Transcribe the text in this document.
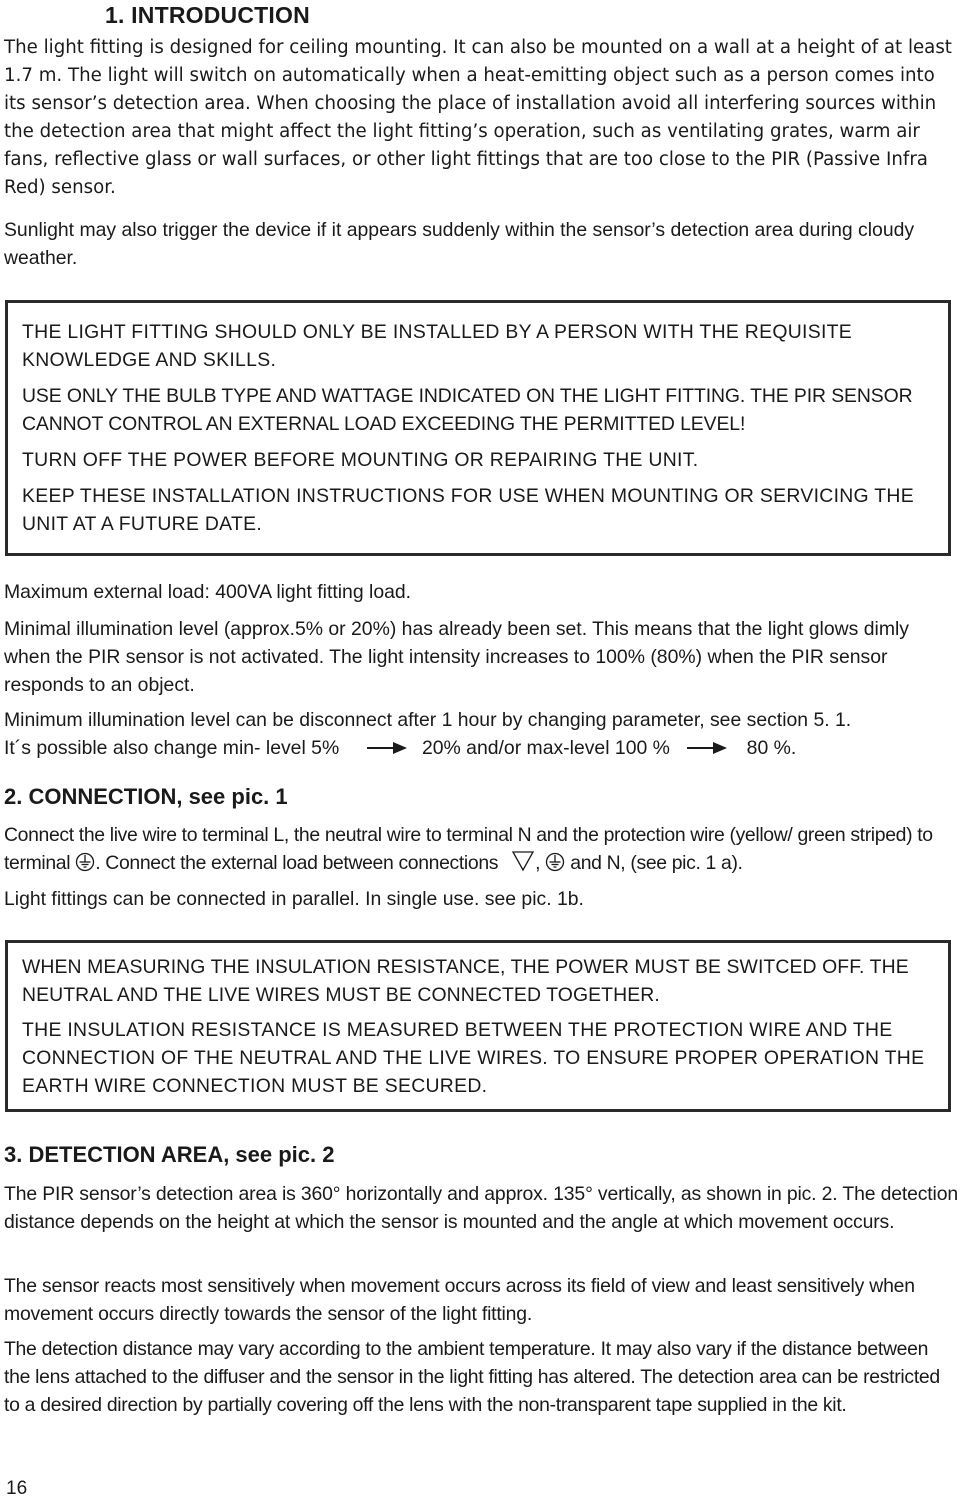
1. INTRODUCTION

The light fitting is designed for ceiling mounting. It can also be mounted on a wall at a height of at least 1.7 m. The light will switch on automatically when a heat-emitting object such as a person comes into its sensor’s detection area. When choosing the place of installation avoid all interfering sources within the detection area that might affect the light fitting’s operation, such as ventilating grates, warm air fans, reflective glass or wall surfaces, or other light fittings that are too close to the PIR (Passive Infra Red) sensor.

Sunlight may also trigger the device if it appears suddenly within the sensor’s detection area during cloudy weather.

THE LIGHT FITTING SHOULD ONLY BE INSTALLED BY A PERSON WITH THE REQUISITE KNOWLEDGE AND SKILLS.

USE ONLY THE BULB TYPE AND WATTAGE INDICATED ON THE LIGHT FITTING. THE PIR SENSOR CANNOT CONTROL AN EXTERNAL LOAD EXCEEDING THE PERMITTED LEVEL!

TURN OFF THE POWER BEFORE MOUNTING OR REPAIRING THE UNIT.

KEEP THESE INSTALLATION INSTRUCTIONS FOR USE WHEN MOUNTING OR SERVICING THE UNIT AT A FUTURE DATE.

Maximum external load: 400VA light fitting load.

Minimal illumination level (approx.5% or 20%) has already been set. This means that the light glows dimly when the PIR sensor is not activated. The light intensity increases to 100% (80%) when the PIR sensor responds to an object.

Minimum illumination level can be disconnect after 1 hour by changing parameter, see section 5. 1.

It´s possible also change min- level 5%	20% and/or max-level 100 %	80 %.
2. CONNECTION, see pic. 1

Connect the live wire to terminal L, the neutral wire to terminal N and the protection wire (yellow/ green striped) to terminal . Connect the external load between connections , and N, (see pic. 1 a).

Light fittings can be connected in parallel. In single use. see pic. 1b.

WHEN MEASURING THE INSULATION RESISTANCE, THE POWER MUST BE SWITCED OFF. THE NEUTRAL AND THE LIVE WIRES MUST BE CONNECTED TOGETHER.

THE INSULATION RESISTANCE IS MEASURED BETWEEN THE PROTECTION WIRE AND THE CONNECTION OF THE NEUTRAL AND THE LIVE WIRES. TO ENSURE PROPER OPERATION THE EARTH WIRE CONNECTION MUST BE SECURED.

3. DETECTION AREA, see pic. 2

The PIR sensor’s detection area is 360° horizontally and approx. 135° vertically, as shown in pic. 2. The detection distance depends on the height at which the sensor is mounted and the angle at which movement occurs.

The sensor reacts most sensitively when movement occurs across its field of view and least sensitively when movement occurs directly towards the sensor of the light fitting.

The detection distance may vary according to the ambient temperature. It may also vary if the distance between the lens attached to the diffuser and the sensor in the light fitting has altered. The detection area can be restricted to a desired direction by partially covering off the lens with the non-transparent tape supplied in the kit.

16
